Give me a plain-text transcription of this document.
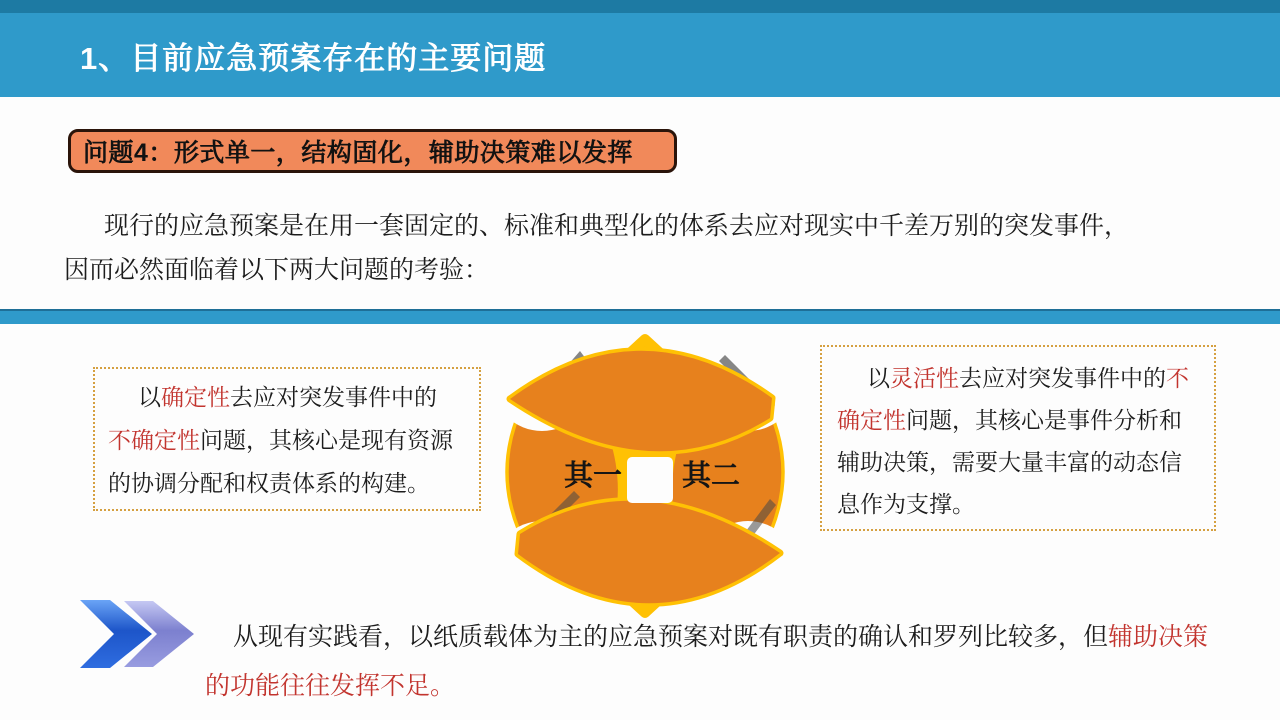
1、目前应急预案存在的主要问题
问题4：形式单一，结构固化，辅助决策难以发挥
现行的应急预案是在用一套固定的、标准和典型化的体系去应对现实中千差万别的突发事件，
因而必然面临着以下两大问题的考验：
以确定性去应对突发事件中的
不确定性问题，其核心是现有资源
的协调分配和权责体系的构建。
以灵活性去应对突发事件中的不
确定性问题，其核心是事件分析和
辅助决策，需要大量丰富的动态信
息作为支撑。
其一 其二
从现有实践看，以纸质载体为主的应急预案对既有职责的确认和罗列比较多，但辅助决策
的功能往往发挥不足。
